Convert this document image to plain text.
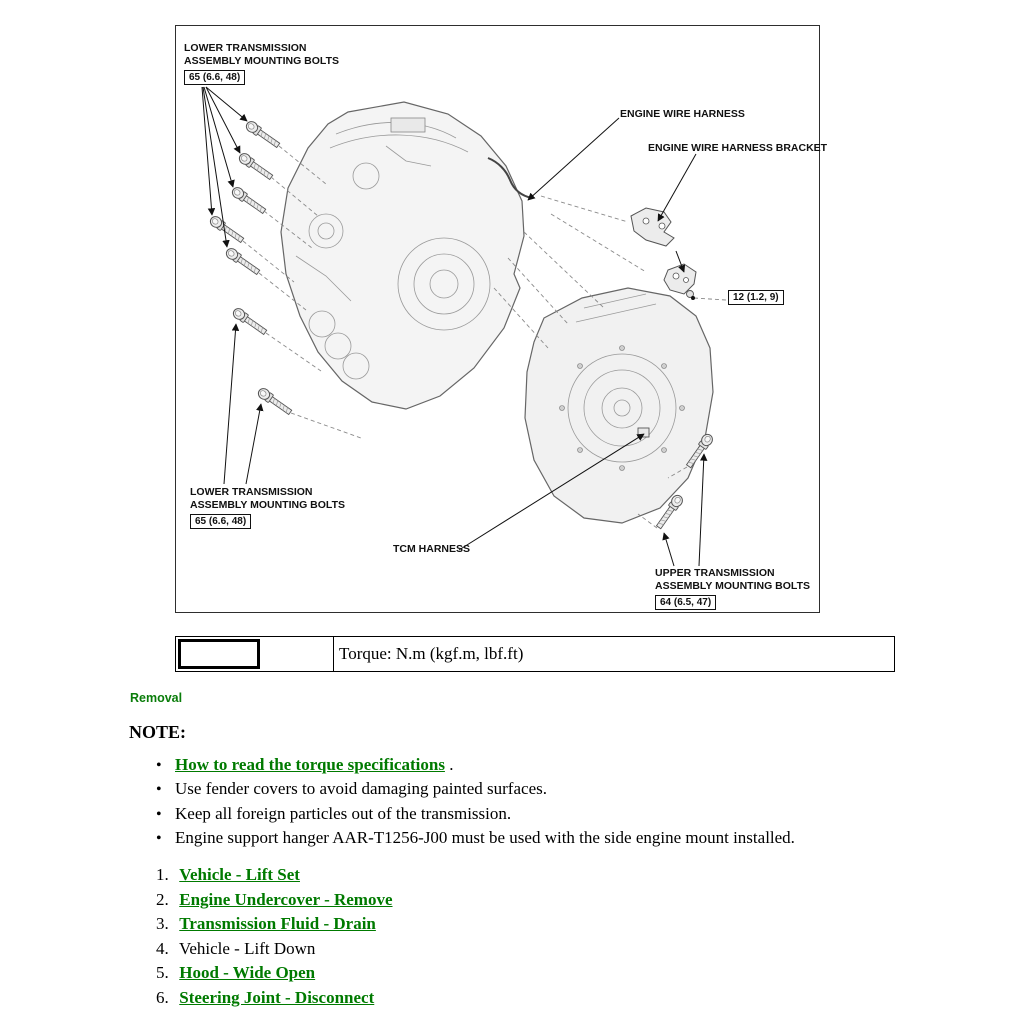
LOWER TRANSMISSION
ASSEMBLY MOUNTING BOLTS
65 (6.6, 48)
ENGINE WIRE HARNESS
ENGINE WIRE HARNESS BRACKET
12 (1.2, 9)
LOWER TRANSMISSION
ASSEMBLY MOUNTING BOLTS
65 (6.6, 48)
TCM HARNESS
UPPER TRANSMISSION
ASSEMBLY MOUNTING BOLTS
64 (6.5, 47)
Torque: N.m (kgf.m, lbf.ft)
Removal
NOTE:
• How to read the torque specifications .
• Use fender covers to avoid damaging painted surfaces.
• Keep all foreign particles out of the transmission.
• Engine support hanger AAR-T1256-J00 must be used with the side engine mount installed.
1. Vehicle - Lift Set
2. Engine Undercover - Remove
3. Transmission Fluid - Drain
4. Vehicle - Lift Down
5. Hood - Wide Open
6. Steering Joint - Disconnect
